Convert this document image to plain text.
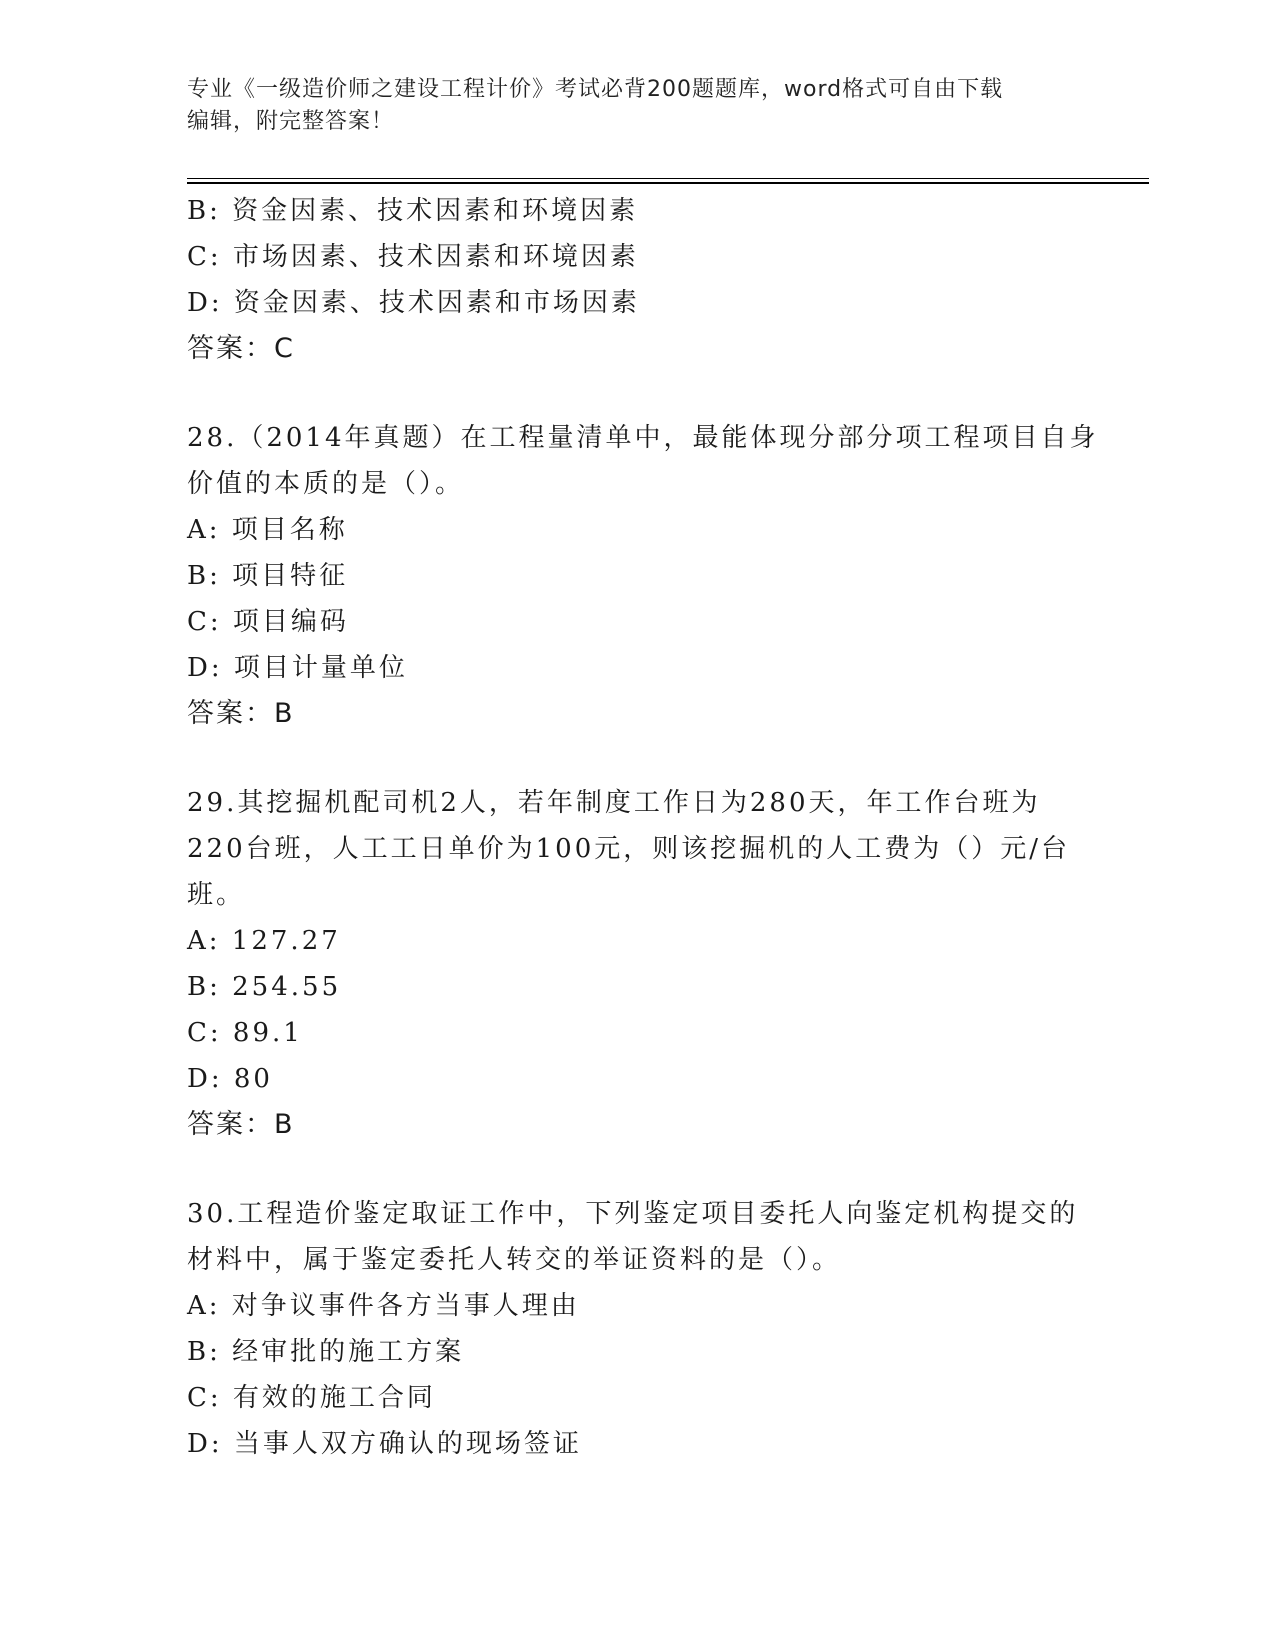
专业《一级造价师之建设工程计价》考试必背200题题库，word格式可自由下载
编辑，附完整答案！

B: 资金因素、技术因素和环境因素

C: 市场因素、技术因素和环境因素

D: 资金因素、技术因素和市场因素

答案：C

28.（2014年真题）在工程量清单中，最能体现分部分项工程项目自身

价值的本质的是（）。

A: 项目名称

B: 项目特征

C: 项目编码

D: 项目计量单位

答案：B

29.其挖掘机配司机2人，若年制度工作日为280天，年工作台班为

220台班，人工工日单价为100元，则该挖掘机的人工费为（）元/台

班。

A: 127.27

B: 254.55

C: 89.1

D: 80

答案：B

30.工程造价鉴定取证工作中，下列鉴定项目委托人向鉴定机构提交的

材料中，属于鉴定委托人转交的举证资料的是（）。

A: 对争议事件各方当事人理由

B: 经审批的施工方案

C: 有效的施工合同

D: 当事人双方确认的现场签证
